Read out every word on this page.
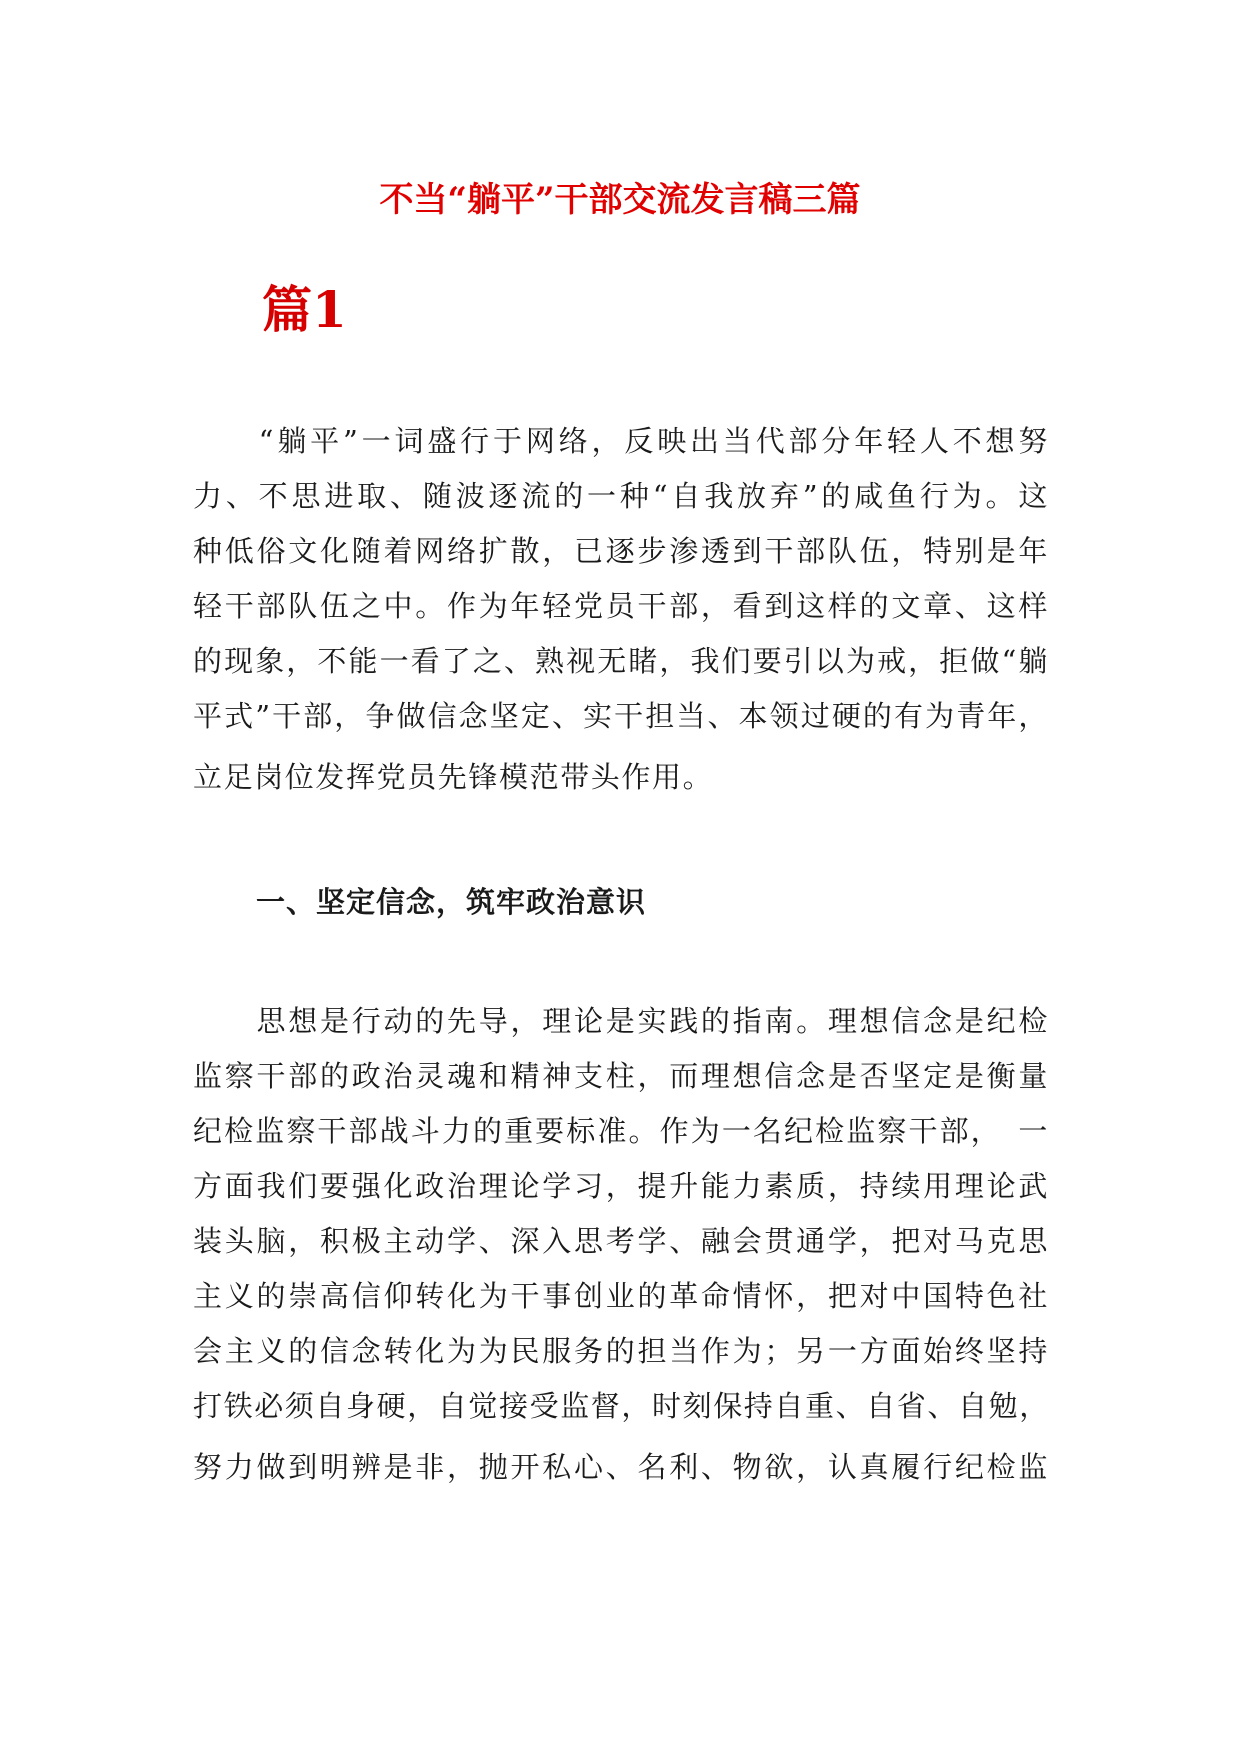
不当“躺平”干部交流发言稿三篇
篇1
　　“躺平”一词盛行于网络，反映出当代部分年轻人不想努
力、不思进取、随波逐流的一种“自我放弃”的咸鱼行为。这
种低俗文化随着网络扩散，已逐步渗透到干部队伍，特别是年
轻干部队伍之中。作为年轻党员干部，看到这样的文章、这样
的现象，不能一看了之、熟视无睹，我们要引以为戒，拒做“躺
平式”干部，争做信念坚定、实干担当、本领过硬的有为青年，
立足岗位发挥党员先锋模范带头作用。
一、坚定信念，筑牢政治意识
　　思想是行动的先导，理论是实践的指南。理想信念是纪检
监察干部的政治灵魂和精神支柱，而理想信念是否坚定是衡量
纪检监察干部战斗力的重要标准。作为一名纪检监察干部，　一
方面我们要强化政治理论学习，提升能力素质，持续用理论武
装头脑，积极主动学、深入思考学、融会贯通学，把对马克思
主义的崇高信仰转化为干事创业的革命情怀，把对中国特色社
会主义的信念转化为为民服务的担当作为；另一方面始终坚持
打铁必须自身硬，自觉接受监督，时刻保持自重、自省、自勉，
努力做到明辨是非，抛开私心、名利、物欲，认真履行纪检监
